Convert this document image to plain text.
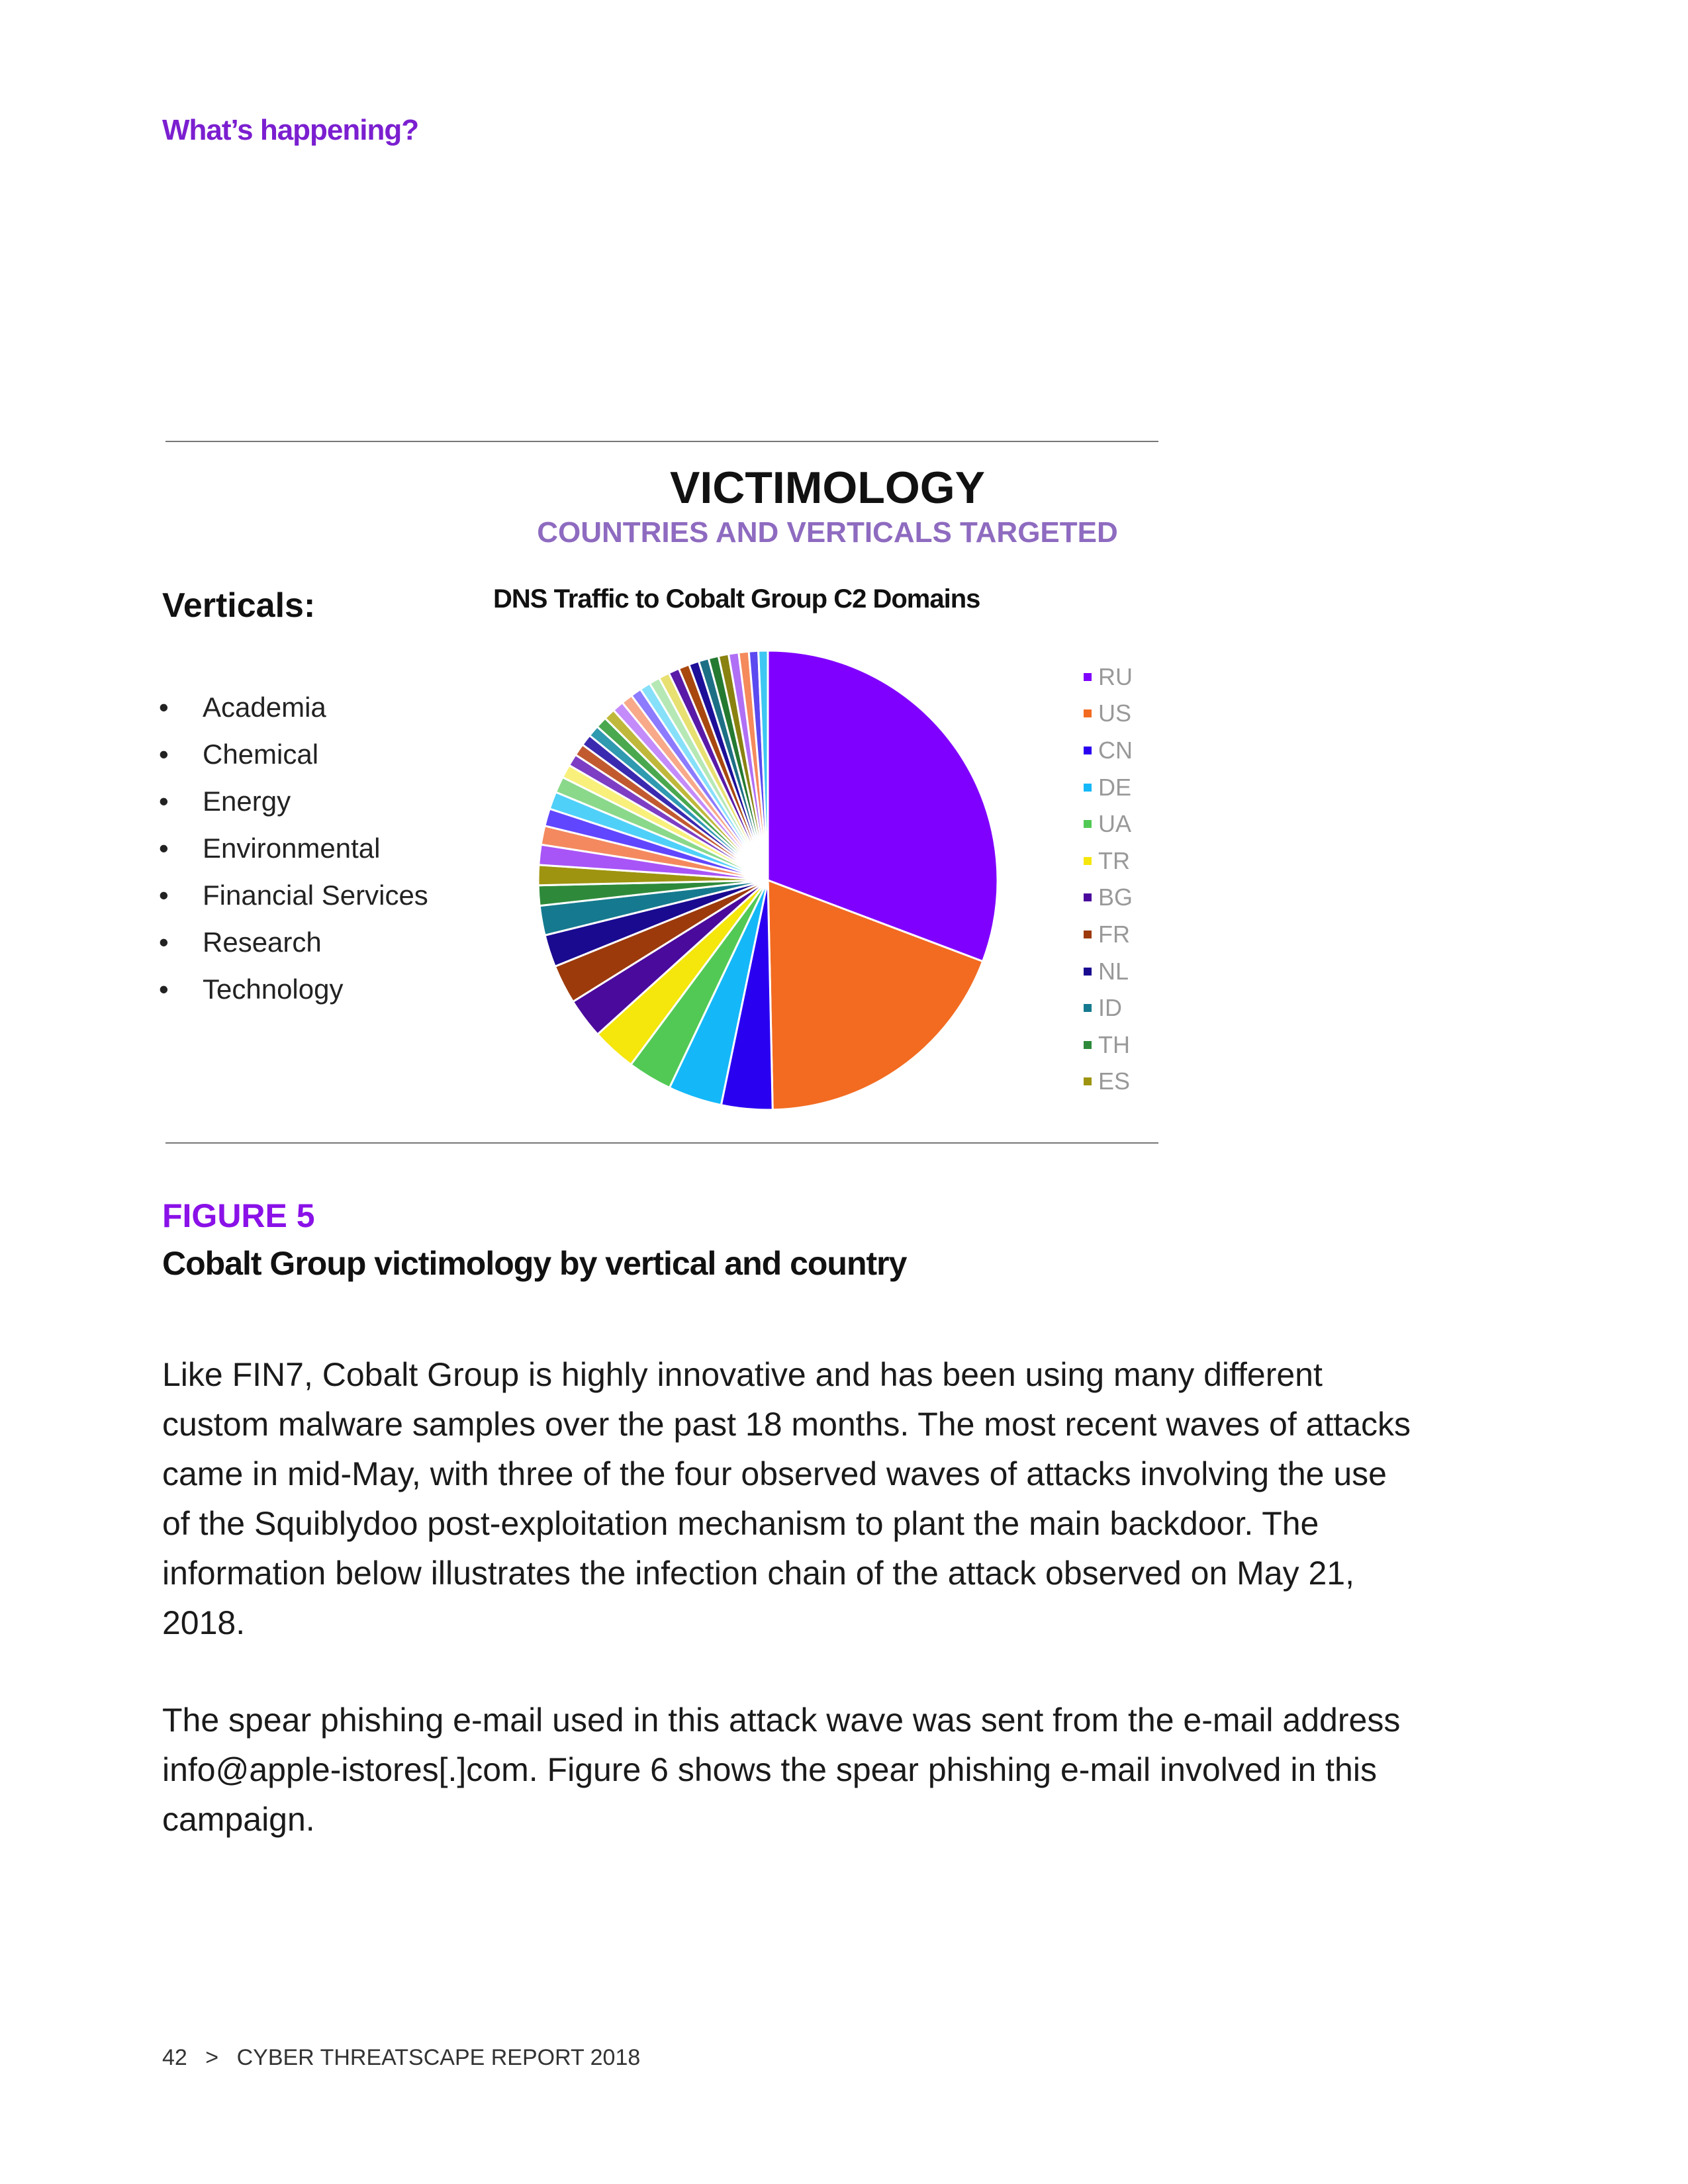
What’s happening?
VICTIMOLOGY
COUNTRIES AND VERTICALS TARGETED
Verticals:
• Academia
• Chemical
• Energy
• Environmental
• Financial Services
• Research
• Technology
DNS Traffic to Cobalt Group C2 Domains
RU
US
CN
DE
UA
TR
BG
FR
NL
ID
TH
ES
FIGURE 5
Cobalt Group victimology by vertical and country
Like FIN7, Cobalt Group is highly innovative and has been using many different custom malware samples over the past 18 months. The most recent waves of attacks came in mid-May, with three of the four observed waves of attacks involving the use of the Squiblydoo post-exploitation mechanism to plant the main backdoor. The information below illustrates the infection chain of the attack observed on May 21, 2018.
The spear phishing e-mail used in this attack wave was sent from the e-mail address info@apple-istores[.]com. Figure 6 shows the spear phishing e-mail involved in this campaign.
42 > CYBER THREATSCAPE REPORT 2018
